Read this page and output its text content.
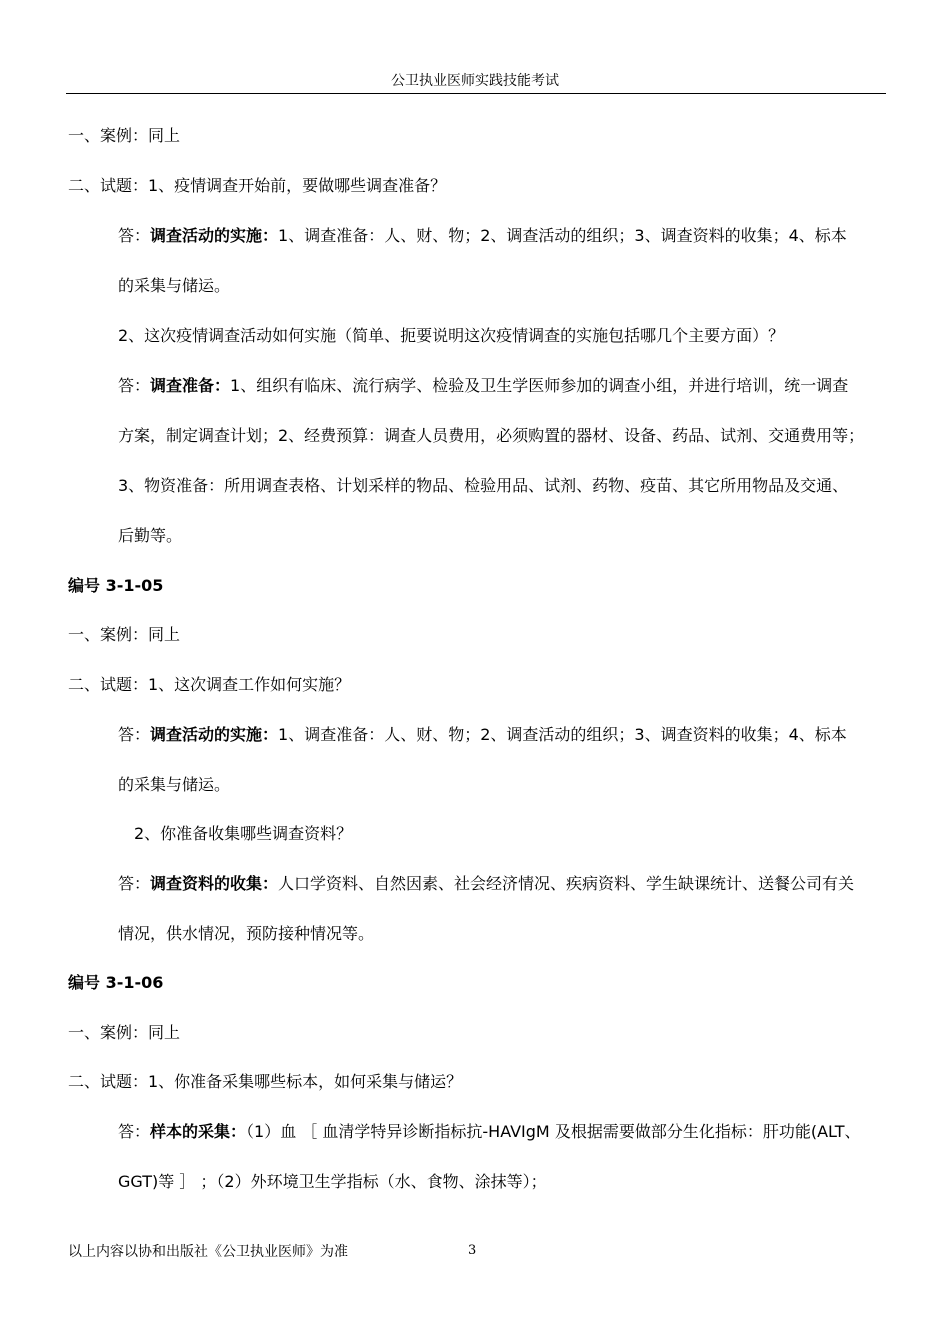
公卫执业医师实践技能考试
一、案例：同上
二、试题：1、疫情调查开始前，要做哪些调查准备？
答：调查活动的实施：1、调查准备：人、财、物；2、调查活动的组织；3、调查资料的收集；4、标本
的采集与储运。
2、这次疫情调查活动如何实施（简单、扼要说明这次疫情调查的实施包括哪几个主要方面）？
答：调查准备：1、组织有临床、流行病学、检验及卫生学医师参加的调查小组，并进行培训，统一调查
方案，制定调查计划；2、经费预算：调查人员费用，必须购置的器材、设备、药品、试剂、交通费用等；
3、物资准备：所用调查表格、计划采样的物品、检验用品、试剂、药物、疫苗、其它所用物品及交通、
后勤等。
编号 3-1-05
一、案例：同上
二、试题：1、这次调查工作如何实施？
答：调查活动的实施：1、调查准备：人、财、物；2、调查活动的组织；3、调查资料的收集；4、标本
的采集与储运。
2、你准备收集哪些调查资料？
答：调查资料的收集：人口学资料、自然因素、社会经济情况、疾病资料、学生缺课统计、送餐公司有关
情况，供水情况，预防接种情况等。
编号 3-1-06
一、案例：同上
二、试题：1、你准备采集哪些标本，如何采集与储运？
答：样本的采集：（1）血 ［ 血清学特异诊断指标抗-HAVIgM 及根据需要做部分生化指标：肝功能(ALT、
GGT)等 ］ ；（2）外环境卫生学指标（水、食物、涂抹等）；
以上内容以协和出版社《公卫执业医师》为准	3
